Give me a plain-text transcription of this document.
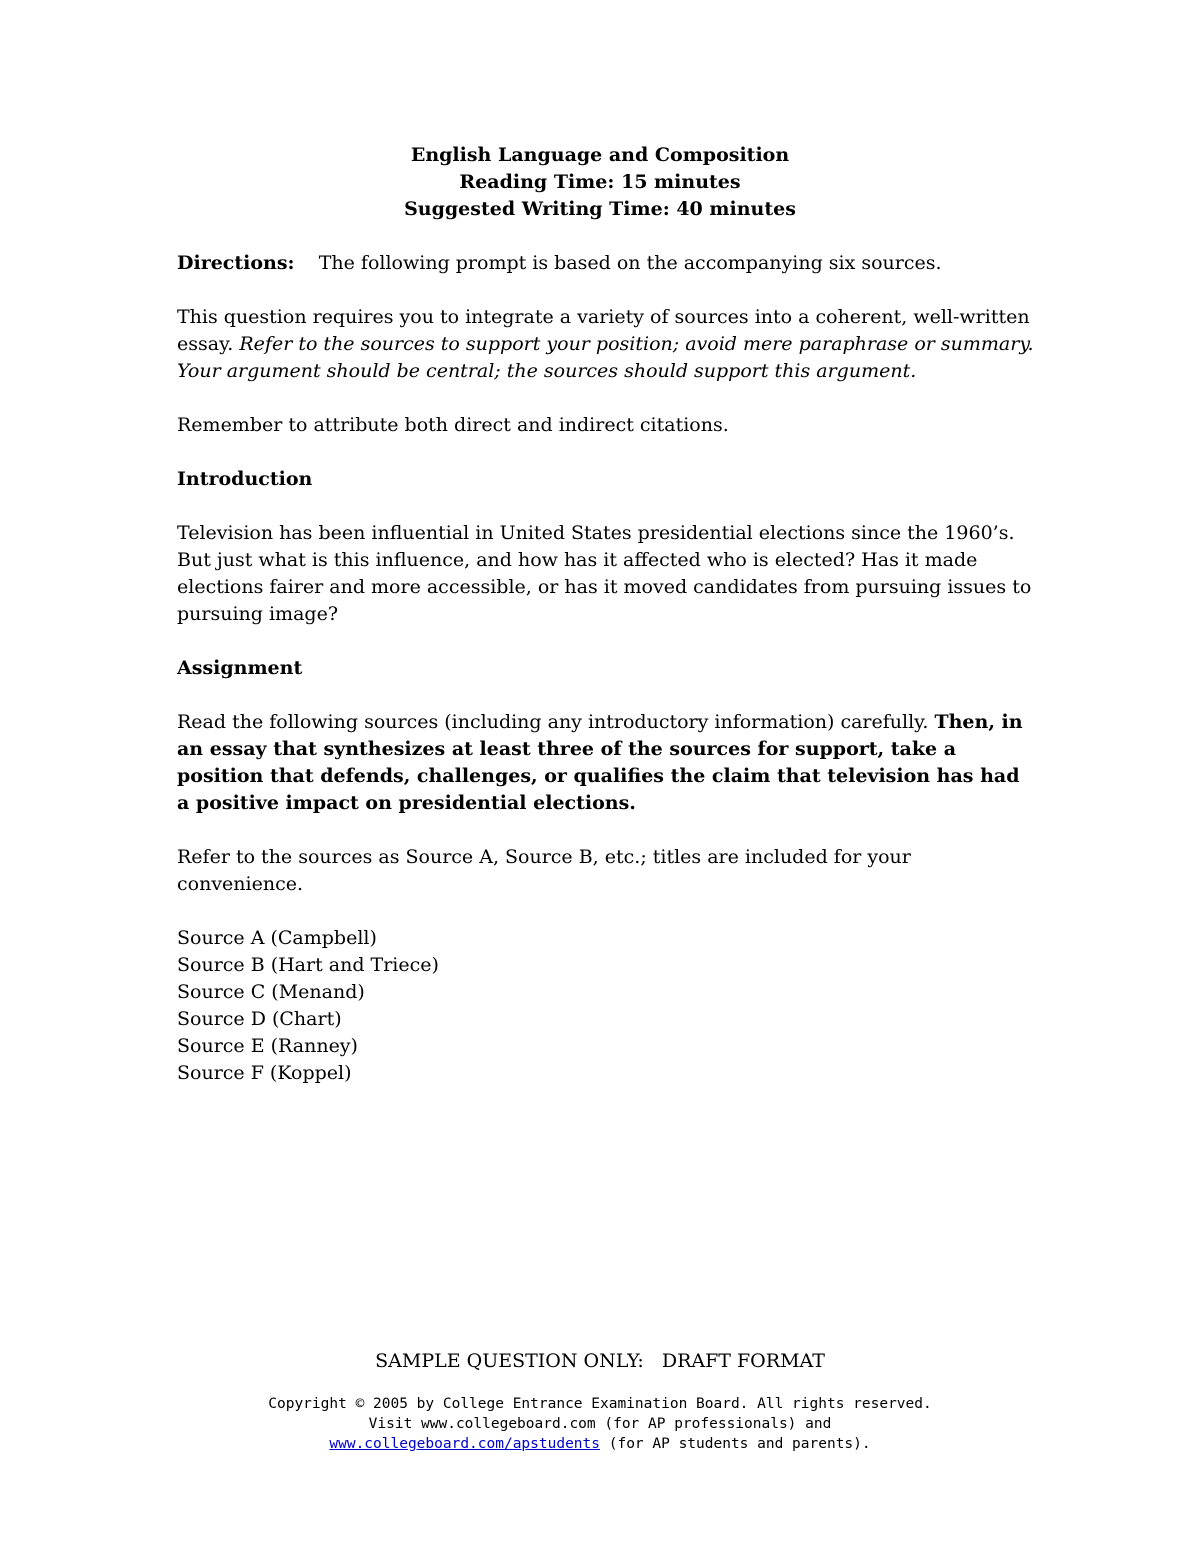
English Language and Composition
Reading Time: 15 minutes
Suggested Writing Time: 40 minutes

Directions: The following prompt is based on the accompanying six sources.

This question requires you to integrate a variety of sources into a coherent, well-written essay. Refer to the sources to support your position; avoid mere paraphrase or summary. Your argument should be central; the sources should support this argument.

Remember to attribute both direct and indirect citations.

Introduction

Television has been influential in United States presidential elections since the 1960’s. But just what is this influence, and how has it affected who is elected? Has it made elections fairer and more accessible, or has it moved candidates from pursuing issues to pursuing image?

Assignment

Read the following sources (including any introductory information) carefully. Then, in an essay that synthesizes at least three of the sources for support, take a position that defends, challenges, or qualifies the claim that television has had a positive impact on presidential elections.

Refer to the sources as Source A, Source B, etc.; titles are included for your convenience.

Source A (Campbell)
Source B (Hart and Triece)
Source C (Menand)
Source D (Chart)
Source E (Ranney)
Source F (Koppel)
SAMPLE QUESTION ONLY:   DRAFT FORMAT
Copyright © 2005 by College Entrance Examination Board. All rights reserved.
Visit www.collegeboard.com (for AP professionals) and
www.collegeboard.com/apstudents (for AP students and parents).
